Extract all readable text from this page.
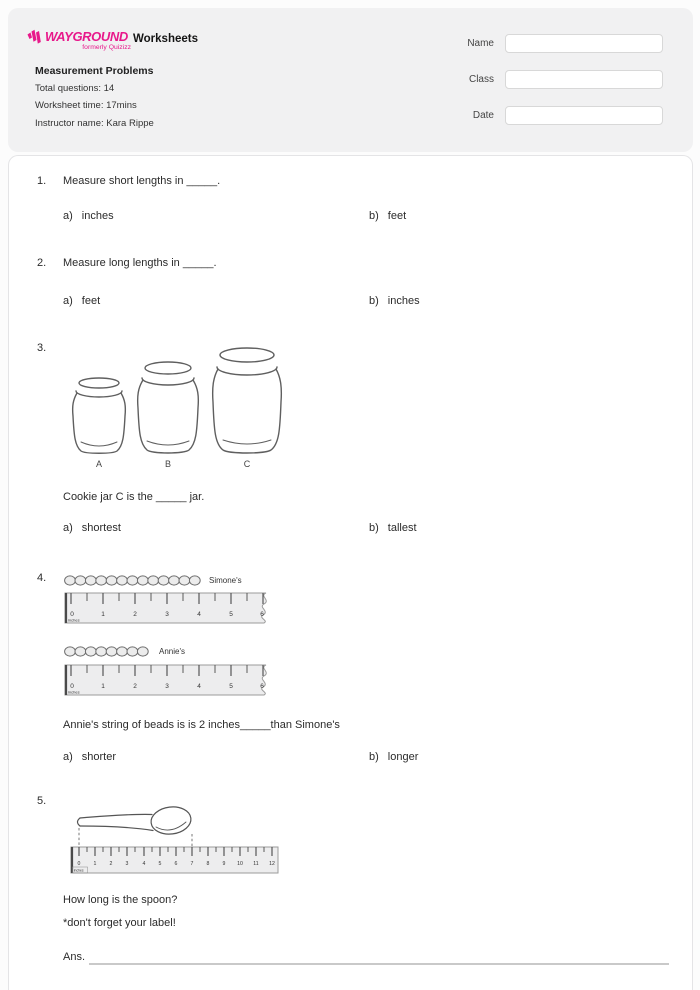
WAYGROUND
formerly Quizizz
Worksheets
Measurement Problems
Total questions: 14
Worksheet time: 17mins
Instructor name: Kara Rippe
Name
Class
Date
1. Measure short lengths in _____.
a) inches	b) feet
2. Measure long lengths in _____.
a) feet	b) inches
3.
A	B	C
Cookie jar C is the _____ jar.
a) shortest	b) tallest
4.	Simone's
0	1	2	3	4	5	6
inches
Annie's
0	1	2	3	4	5	6
inches
Annie's string of beads is is 2 inches_____than Simone's
a) shorter	b) longer
5.
0	1	2	3	4	5	6	7	8	9 10 11 12
inches
How long is the spoon?
*don't forget your label!
Ans.
